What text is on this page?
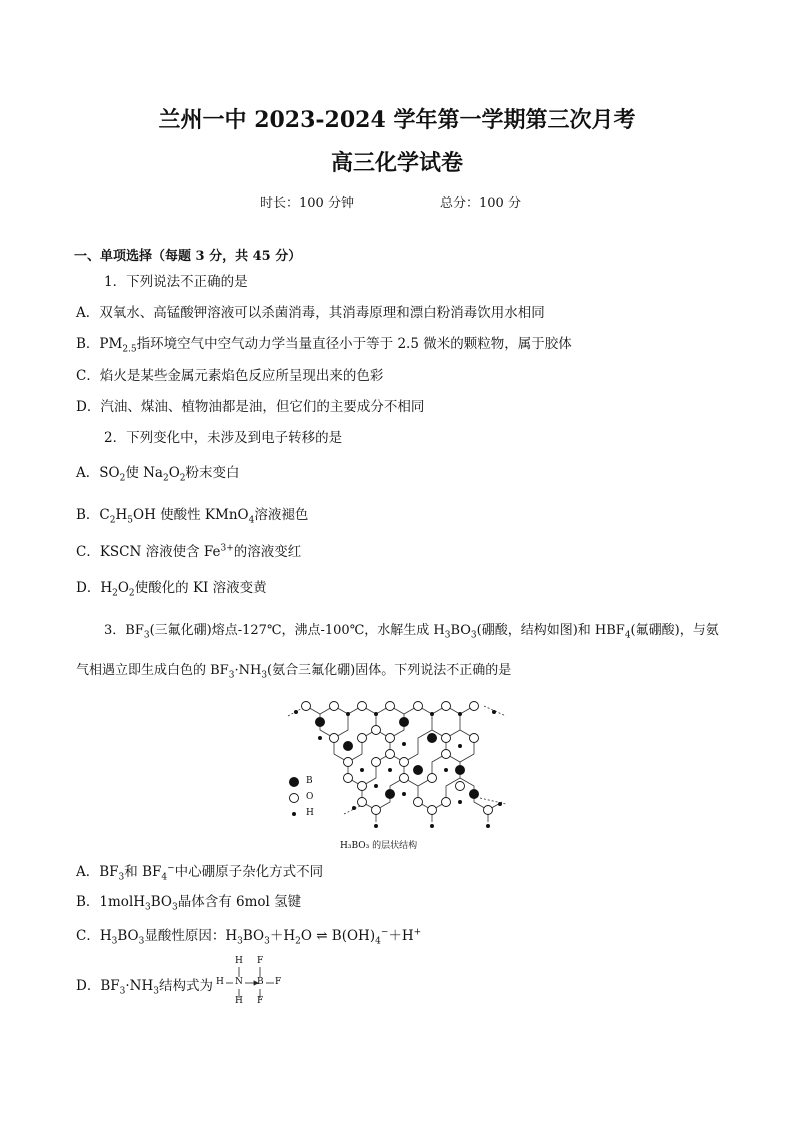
兰州一中 2023-2024 学年第一学期第三次月考
高三化学试卷
时长：100 分钟	总分：100 分
一、单项选择（每题 3 分，共 45 分）
1．下列说法不正确的是
A．双氧水、高锰酸钾溶液可以杀菌消毒，其消毒原理和漂白粉消毒饮用水相同
B．$PM_{2.5}$指环境空气中空气动力学当量直径小于等于 2.5 微米的颗粒物，属于胶体
C．焰火是某些金属元素焰色反应所呈现出来的色彩
D．汽油、煤油、植物油都是油，但它们的主要成分不相同
2．下列变化中，未涉及到电子转移的是
A．$SO_2$使 $Na_2O_2$粉末变白
B．$C_2H_5OH$ 使酸性 KMnO$_4$溶液褪色
C．KSCN 溶液使含 $Fe^{3+}$的溶液变红
D．$H_2O_2$使酸化的 KI 溶液变黄
3．$BF_3$(三氟化硼)熔点-127℃，沸点-100℃，水解生成 $H_3BO_3$(硼酸，结构如图)和 $HBF_4$(氟硼酸)，与氨
气相遇立即生成白色的 $BF_3\cdot NH_3$(氨合三氟化硼)固体。下列说法不正确的是
B
O
H
H₃BO₃ 的层状结构
A．$BF_3$和 $BF_4^-$中心硼原子杂化方式不同
B．$1molH_3BO_3$晶体含有 6mol 氢键
C．$H_3BO_3$显酸性原因：$H_3BO_3+H_2O$ ⇌ $B(OH)_4^-+H^+$
D．$BF_3\cdot NH_3$结构式为
H
H N
H
F
B F
F
